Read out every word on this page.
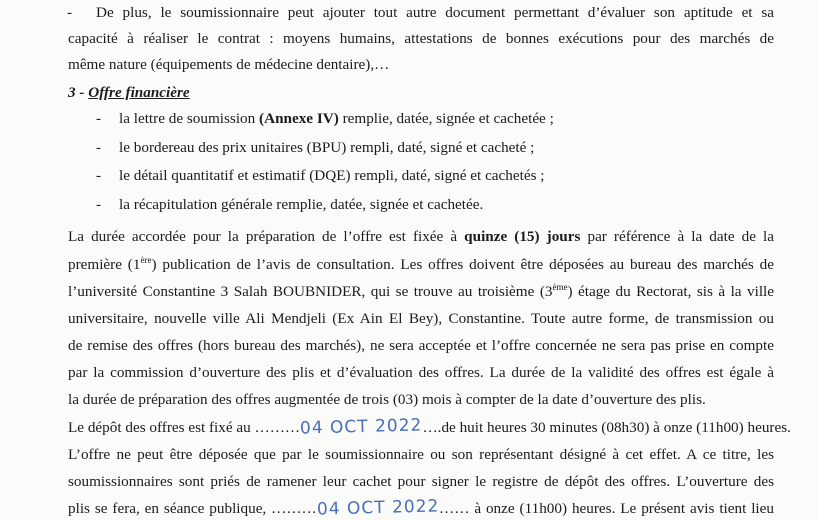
- De plus, le soumissionnaire peut ajouter tout autre document permettant d’évaluer son aptitude et sa
capacité à réaliser le contrat : moyens humains, attestations de bonnes exécutions pour des marchés de
même nature (équipements de médecine dentaire),…
3 - Offre financière
- la lettre de soumission (Annexe IV) remplie, datée, signée et cachetée ;
- le bordereau des prix unitaires (BPU) rempli, daté, signé et cacheté ;
- le détail quantitatif et estimatif (DQE) rempli, daté, signé et cachetés ;
- la récapitulation générale remplie, datée, signée et cachetée.
La durée accordée pour la préparation de l’offre est fixée à quinze (15) jours par référence à la date de la
première (1ère) publication de l’avis de consultation. Les offres doivent être déposées au bureau des marchés de
l’université Constantine 3 Salah BOUBNIDER, qui se trouve au troisième (3ème) étage du Rectorat, sis à la ville
universitaire, nouvelle ville Ali Mendjeli (Ex Ain El Bey), Constantine. Toute autre forme, de transmission ou
de remise des offres (hors bureau des marchés), ne sera acceptée et l’offre concernée ne sera pas prise en compte
par la commission d’ouverture des plis et d’évaluation des offres. La durée de la validité des offres est égale à
la durée de préparation des offres augmentée de trois (03) mois à compter de la date d’ouverture des plis.
Le dépôt des offres est fixé au ………04 OCT 2022….de huit heures 30 minutes (08h30) à onze (11h00) heures.
L’offre ne peut être déposée que par le soumissionnaire ou son représentant désigné à cet effet. A ce titre, les
soumissionnaires sont priés de ramener leur cachet pour signer le registre de dépôt des offres. L’ouverture des
plis se fera, en séance publique, ………04 OCT 2022…… à onze (11h00) heures. Le présent avis tient lieu
